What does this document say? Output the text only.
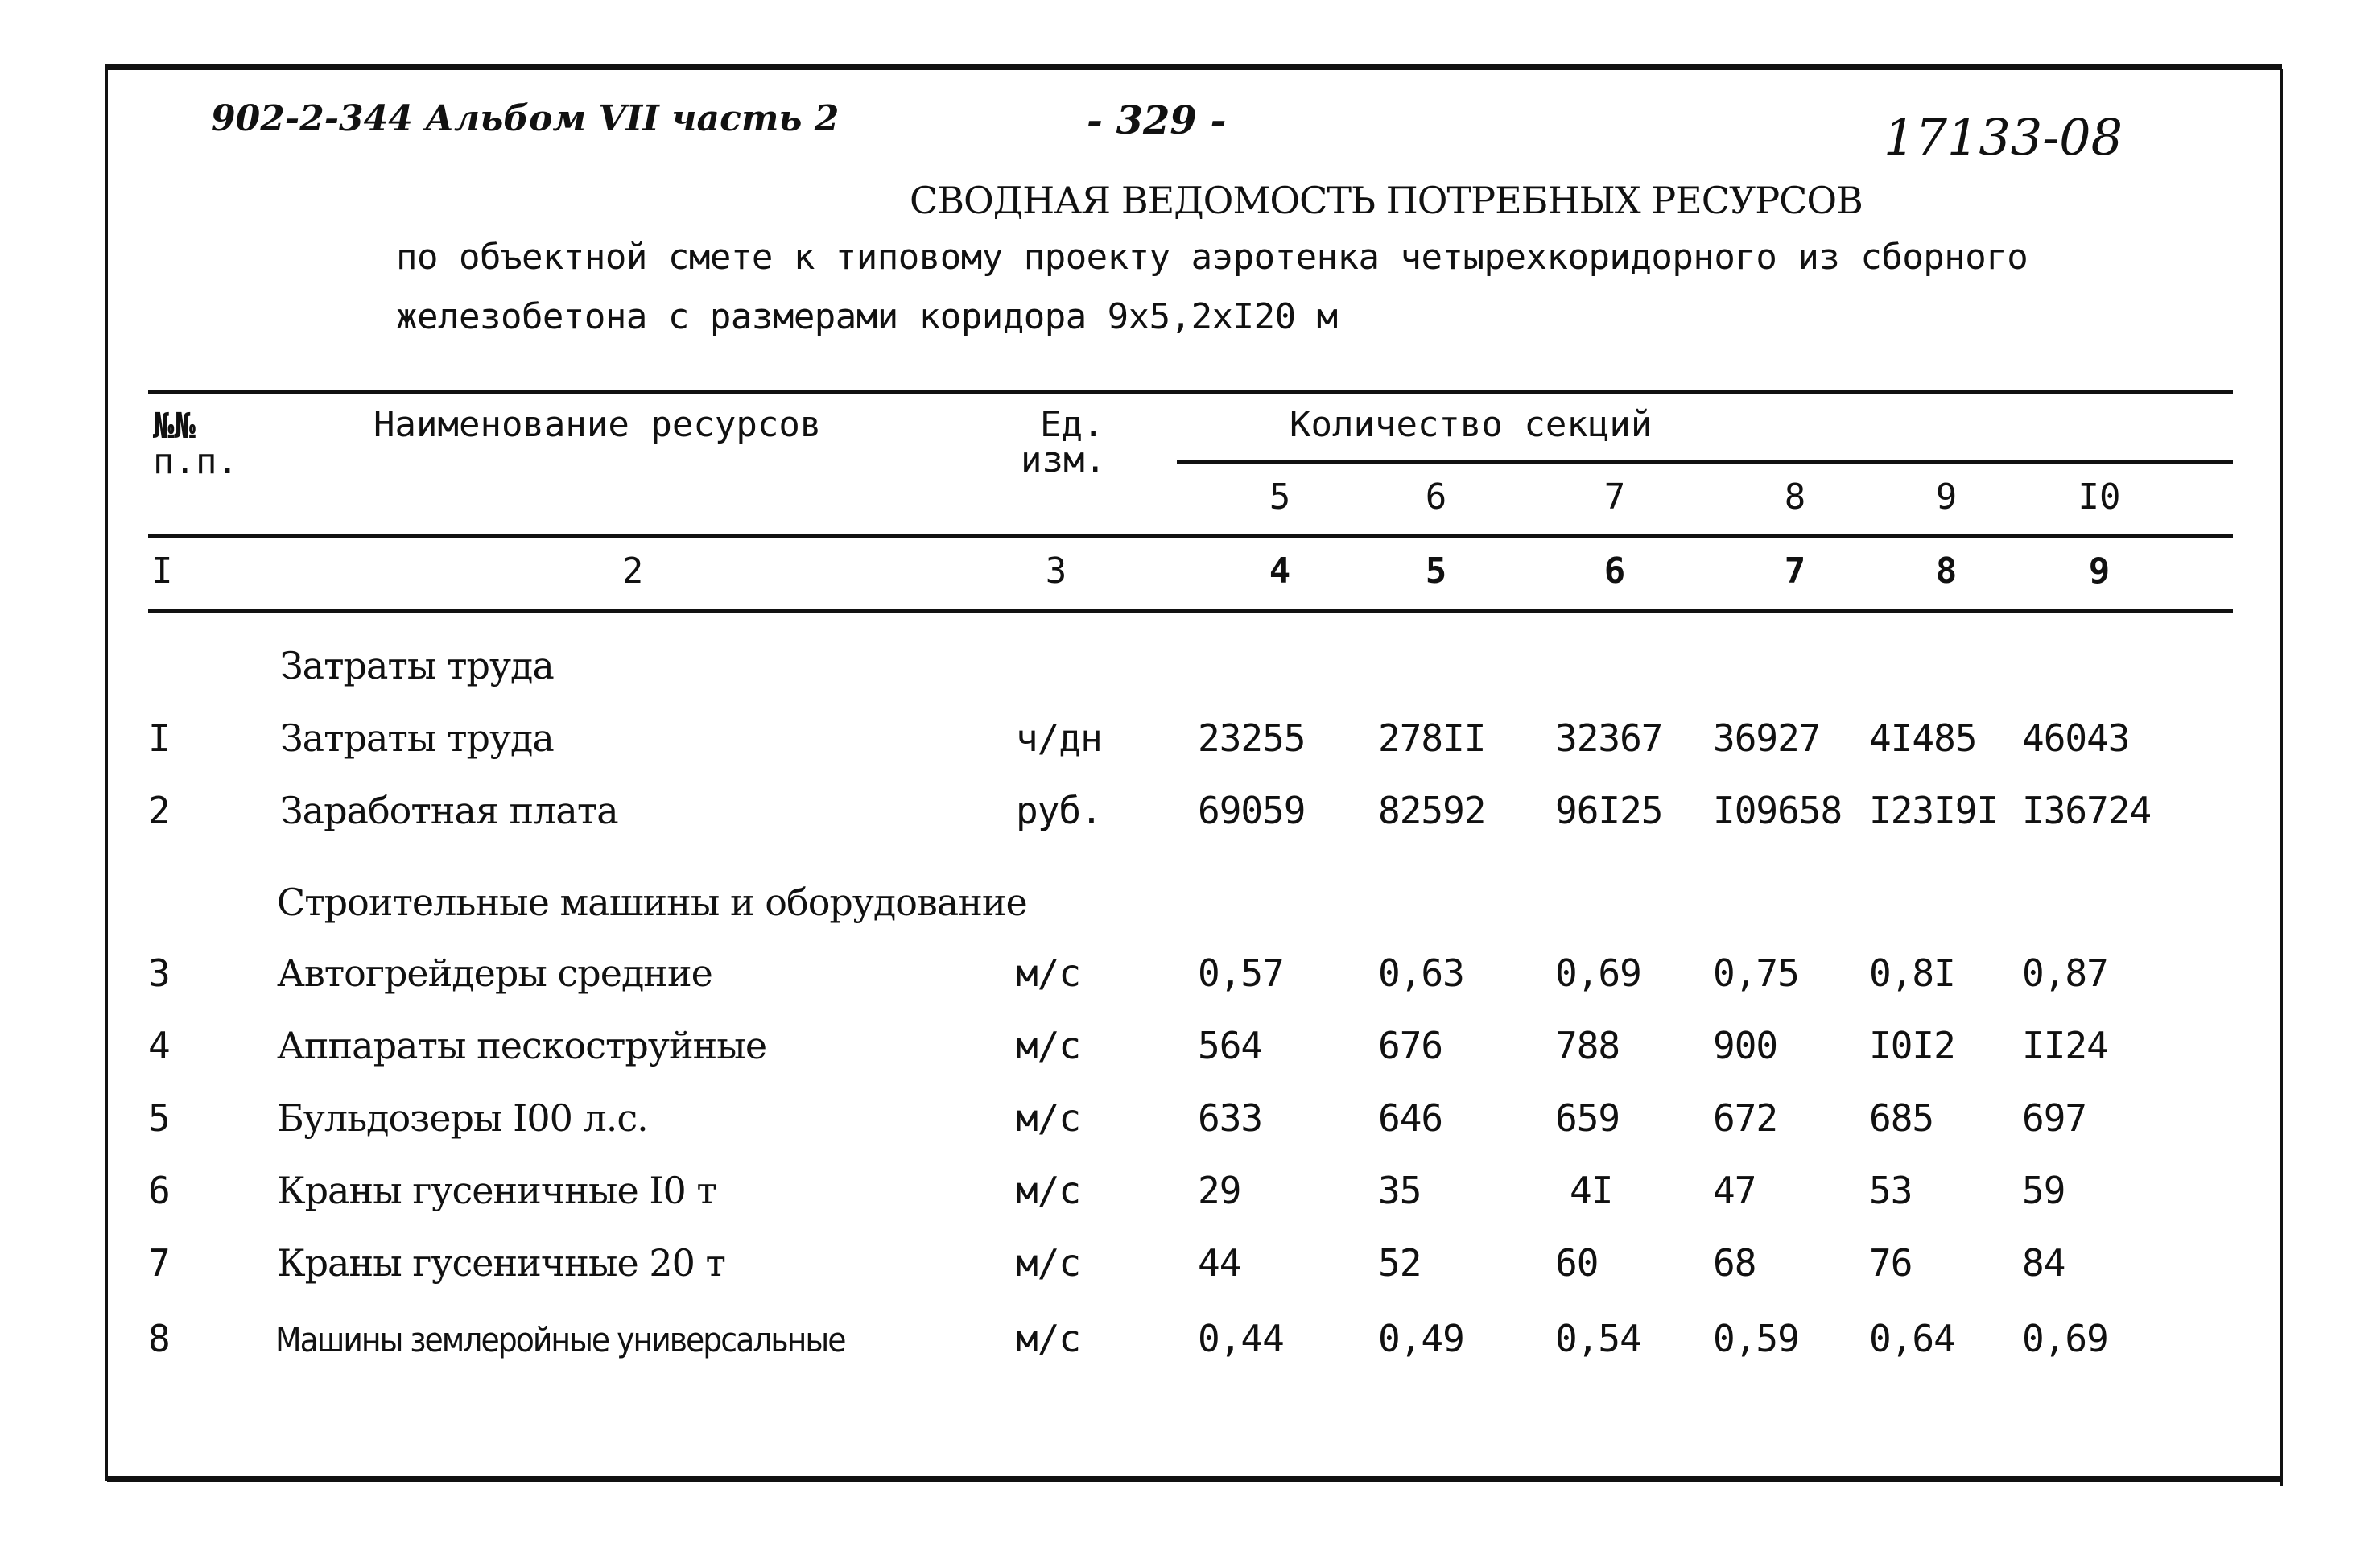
902-2-344 Альбом VII часть 2	- 329 -	17133-08
СВОДНАЯ ВЕДОМОСТЬ ПОТРЕБНЫХ РЕСУРСОВ
по объектной смете к типовому проекту аэротенка четырехкоридорного из сборного
железобетона с размерами коридора 9х5,2хI20 м
№№
п.п.
Наименование ресурсов	Ед.
изм.
Количество секций
5	6	7	8	9	I0
I	2	3	4	5	6	7	8	9
Затраты труда
Строительные машины и оборудование
I	Затраты труда	ч/дн	23255 278II 32367 36927 4I485 46043
2	Заработная плата	руб.	69059 82592 96I25 I09658 I23I9I I36724
3	Автогрейдеры средние	м/с	0,57	0,63 0,69 0,75 0,8I 0,87
4	Аппараты пескоструйные	м/с	564	676	788	900 I0I2 II24
5	Бульдозеры I00 л.с.	м/с	633	646	659	672 685 697
6	Краны гусеничные I0 т	м/с	29	35	4I	47	53	59
7	Краны гусеничные 20 т	м/с	44	52	60	68	76	84
8	Машины землеройные универсальные	м/с	0,44	0,49 0,54 0,59 0,64 0,69
